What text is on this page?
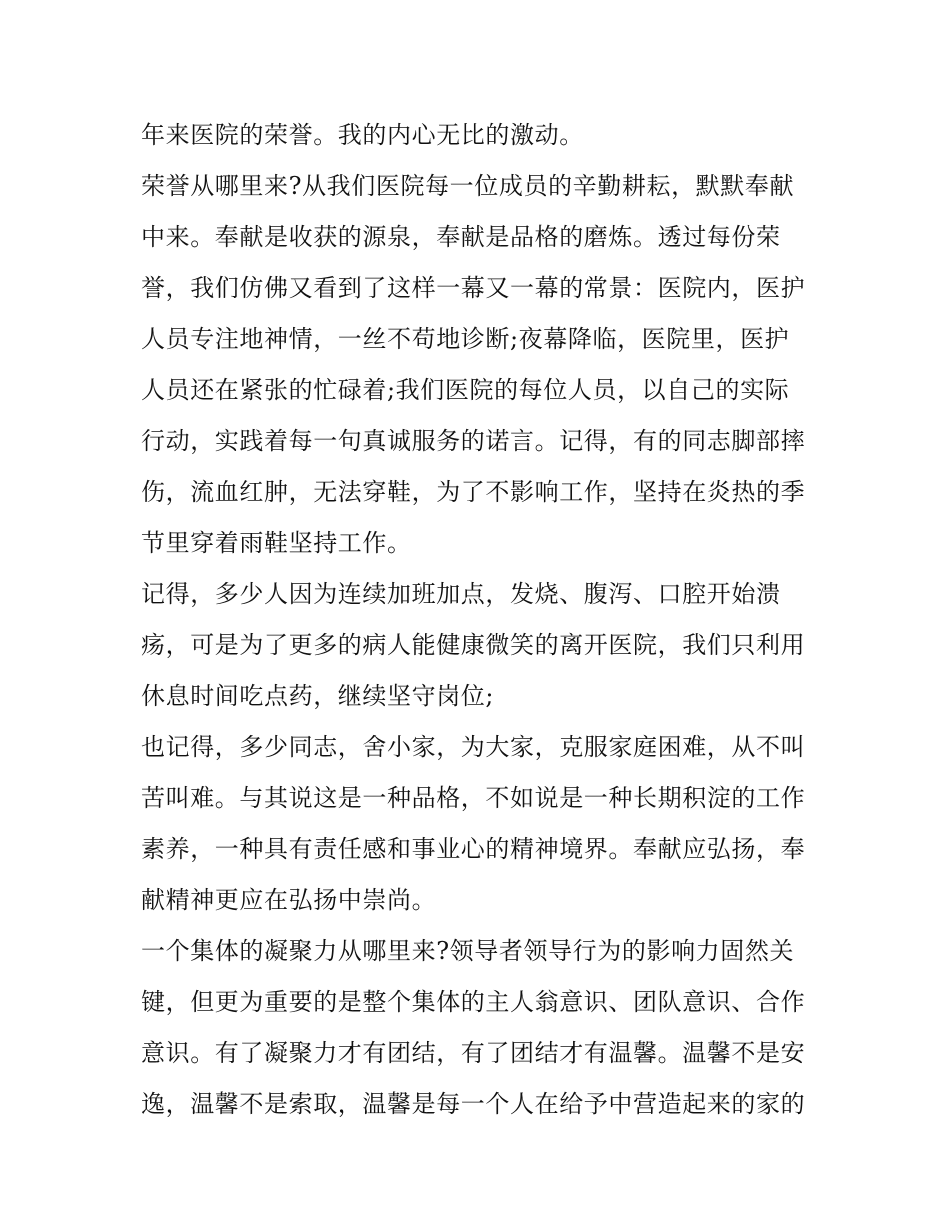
年来医院的荣誉。我的内心无比的激动。
荣誉从哪里来?从我们医院每一位成员的辛勤耕耘，默默奉献
中来。奉献是收获的源泉，奉献是品格的磨炼。透过每份荣
誉，我们仿佛又看到了这样一幕又一幕的常景：医院内，医护
人员专注地神情，一丝不苟地诊断;夜幕降临，医院里，医护
人员还在紧张的忙碌着;我们医院的每位人员，以自己的实际
行动，实践着每一句真诚服务的诺言。记得，有的同志脚部摔
伤，流血红肿，无法穿鞋，为了不影响工作，坚持在炎热的季
节里穿着雨鞋坚持工作。
记得，多少人因为连续加班加点，发烧、腹泻、口腔开始溃
疡，可是为了更多的病人能健康微笑的离开医院，我们只利用
休息时间吃点药，继续坚守岗位;
也记得，多少同志，舍小家，为大家，克服家庭困难，从不叫
苦叫难。与其说这是一种品格，不如说是一种长期积淀的工作
素养，一种具有责任感和事业心的精神境界。奉献应弘扬，奉
献精神更应在弘扬中崇尚。
一个集体的凝聚力从哪里来?领导者领导行为的影响力固然关
键，但更为重要的是整个集体的主人翁意识、团队意识、合作
意识。有了凝聚力才有团结，有了团结才有温馨。温馨不是安
逸，温馨不是索取，温馨是每一个人在给予中营造起来的家的
